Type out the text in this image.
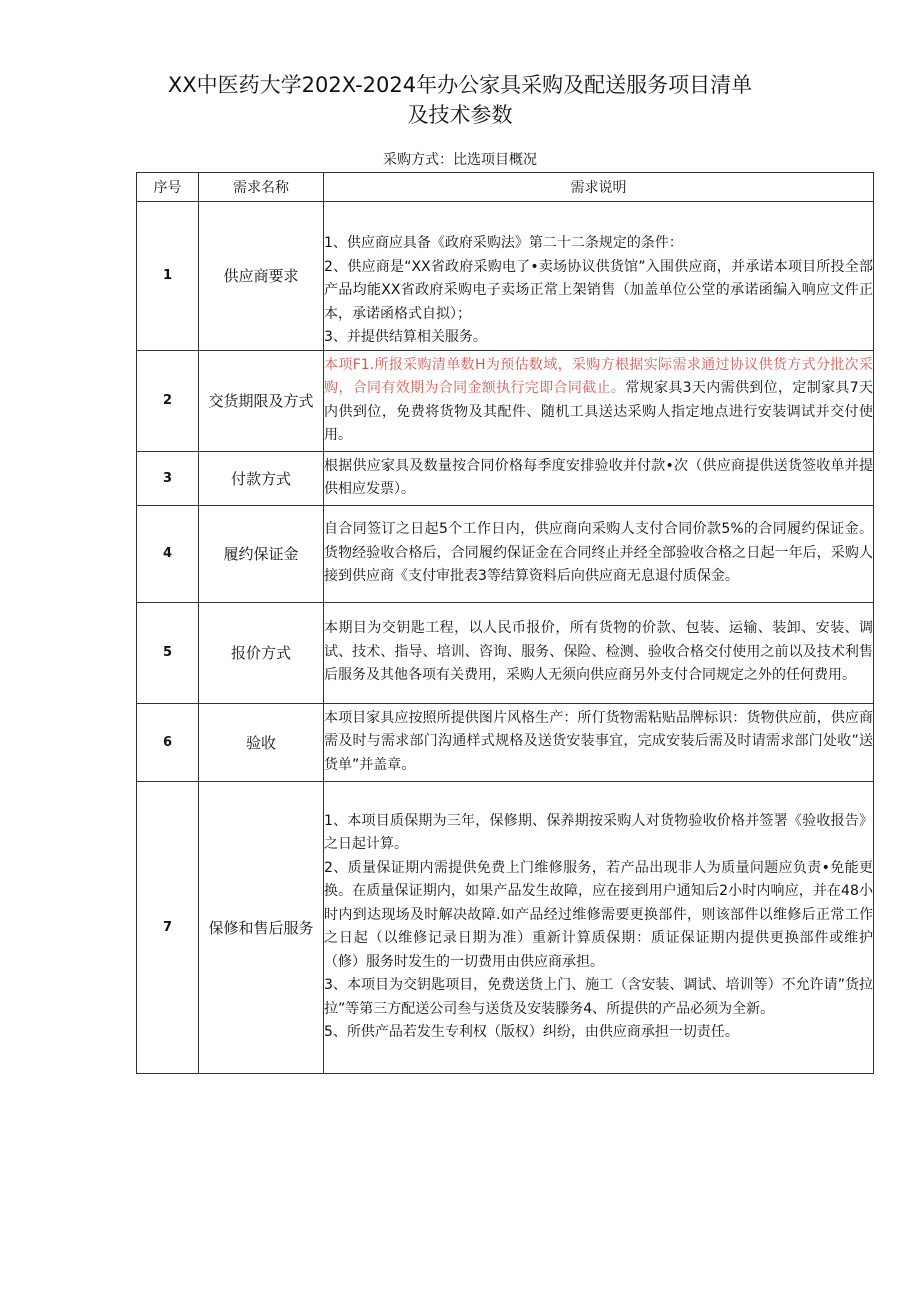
XX中医药大学202X-2024年办公家具采购及配送服务项目清单
及技术参数
采购方式：比选项目概况
序号	需求名称	需求说明
1	供应商要求	1、供应商应具备《政府采购法》第二十二条规定的条件：

2、供应商是“XX省政府采购电了•卖场协议供货馆”入围供应商，并承诺本项目所投全部产品均能XX省政府采购电子卖场正常上架销售（加盖单位公堂的承诺函编入响应文件正本，承诺函格式自拟）；

3、并提供结算相关服务。

2	交货期限及方式	本项F1.所报采购清单数H为预估数域，采购方根据实际需求通过协议供货方式分批次采购，合同有效期为合同金额执行完即合同截止。常规家具3天内需供到位，定制家具7天内供到位，免费将货物及其配件、随机工具送达采购人指定地点进行安装调试并交付使用。
3	付款方式	根据供应家具及数量按合同价格每季度安排验收并付款•次（供应商提供送货签收单并提供相应发票）。

4	履约保证金	自合同签订之日起5个工作日内，供应商向采购人支付合同价款5%的合同履约保证金。货物经验收合格后，合同履约保证金在合同终止并经全部验收合格之日起一年后，采购人接到供应商《支付审批表3等结算资料后向供应商无息退付质保金。

5	报价方式	本期目为交钥匙工程，以人民币报价，所有货物的价款、包装、运输、装卸、安装、调试、技术、指导、培训、咨询、服务、保险、检测、验收合格交付使用之前以及技术利售后服务及其他各项有关费用，采购人无须向供应商另外支付合同规定之外的任何费用。

6	验收	本项目家具应按照所提供图片风格生产：所仃货物需粘贴品牌标识：货物供应前，供应商需及时与需求部门沟通样式规格及送货安装事宜，完成安装后需及时请需求部门处收”送货单”并盖章。

7	保修和售后服务	1、本项目质保期为三年，保修期、保养期按采购人对货物验收价格并签署《验收报告》之日起计算。

2、质量保证期内需提供免费上门维修服务，若产品出现非人为质量问题应负责•免能更换。在质量保证期内，如果产品发生故障，应在接到用户通知后2小时内响应，并在48小时内到达现场及时解决故障.如产品经过维修需要更换部件，则该部件以维修后正常工作之日起（以维修记录日期为准）重新计算质保期：质证保证期内提供更换部件或维护（修）服务时发生的一切费用由供应商承担。

3、本项目为交钥匙项目，免费送货上门、施工（含安装、调试、培训等）不允许请”货拉拉”等第三方配送公司叁与送货及安装滕务4、所提供的产品必须为全新。

5、所供产品若发生专利权（版权）纠纷，由供应商承担一切责任。
